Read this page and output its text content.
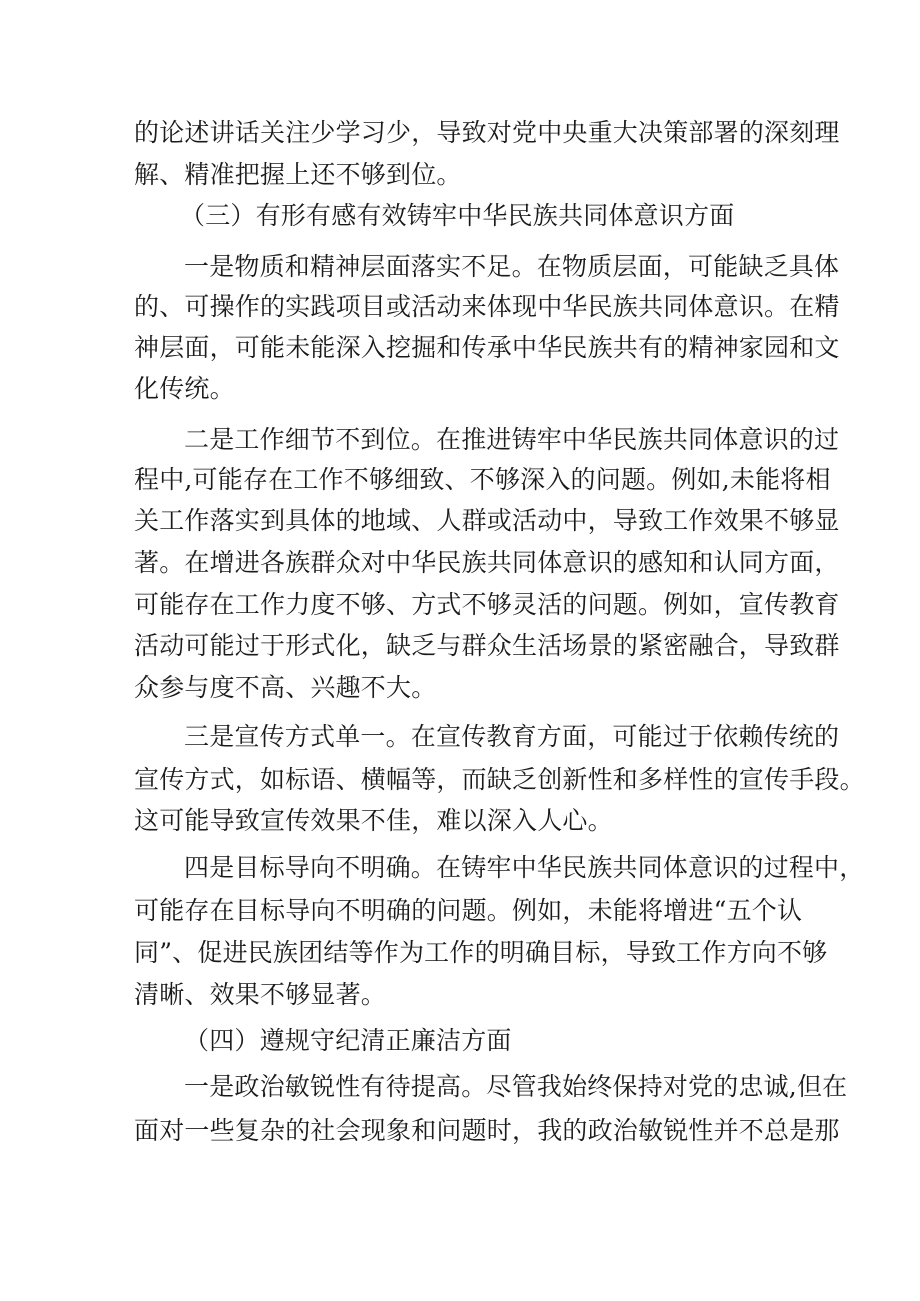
的论述讲话关注少学习少，导致对党中央重大决策部署的深刻理
解、精准把握上还不够到位。
（三）有形有感有效铸牢中华民族共同体意识方面
一是物质和精神层面落实不足。在物质层面，可能缺乏具体
的、可操作的实践项目或活动来体现中华民族共同体意识。在精
神层面，可能未能深入挖掘和传承中华民族共有的精神家园和文
化传统。
二是工作细节不到位。在推进铸牢中华民族共同体意识的过
程中,可能存在工作不够细致、不够深入的问题。例如,未能将相
关工作落实到具体的地域、人群或活动中，导致工作效果不够显
著。在增进各族群众对中华民族共同体意识的感知和认同方面，
可能存在工作力度不够、方式不够灵活的问题。例如，宣传教育
活动可能过于形式化，缺乏与群众生活场景的紧密融合，导致群
众参与度不高、兴趣不大。
三是宣传方式单一。在宣传教育方面，可能过于依赖传统的
宣传方式，如标语、横幅等，而缺乏创新性和多样性的宣传手段。
这可能导致宣传效果不佳，难以深入人心。
四是目标导向不明确。在铸牢中华民族共同体意识的过程中，
可能存在目标导向不明确的问题。例如，未能将增进“五个认
同”、促进民族团结等作为工作的明确目标，导致工作方向不够
清晰、效果不够显著。
（四）遵规守纪清正廉洁方面
一是政治敏锐性有待提高。尽管我始终保持对党的忠诚,但在
面对一些复杂的社会现象和问题时，我的政治敏锐性并不总是那
